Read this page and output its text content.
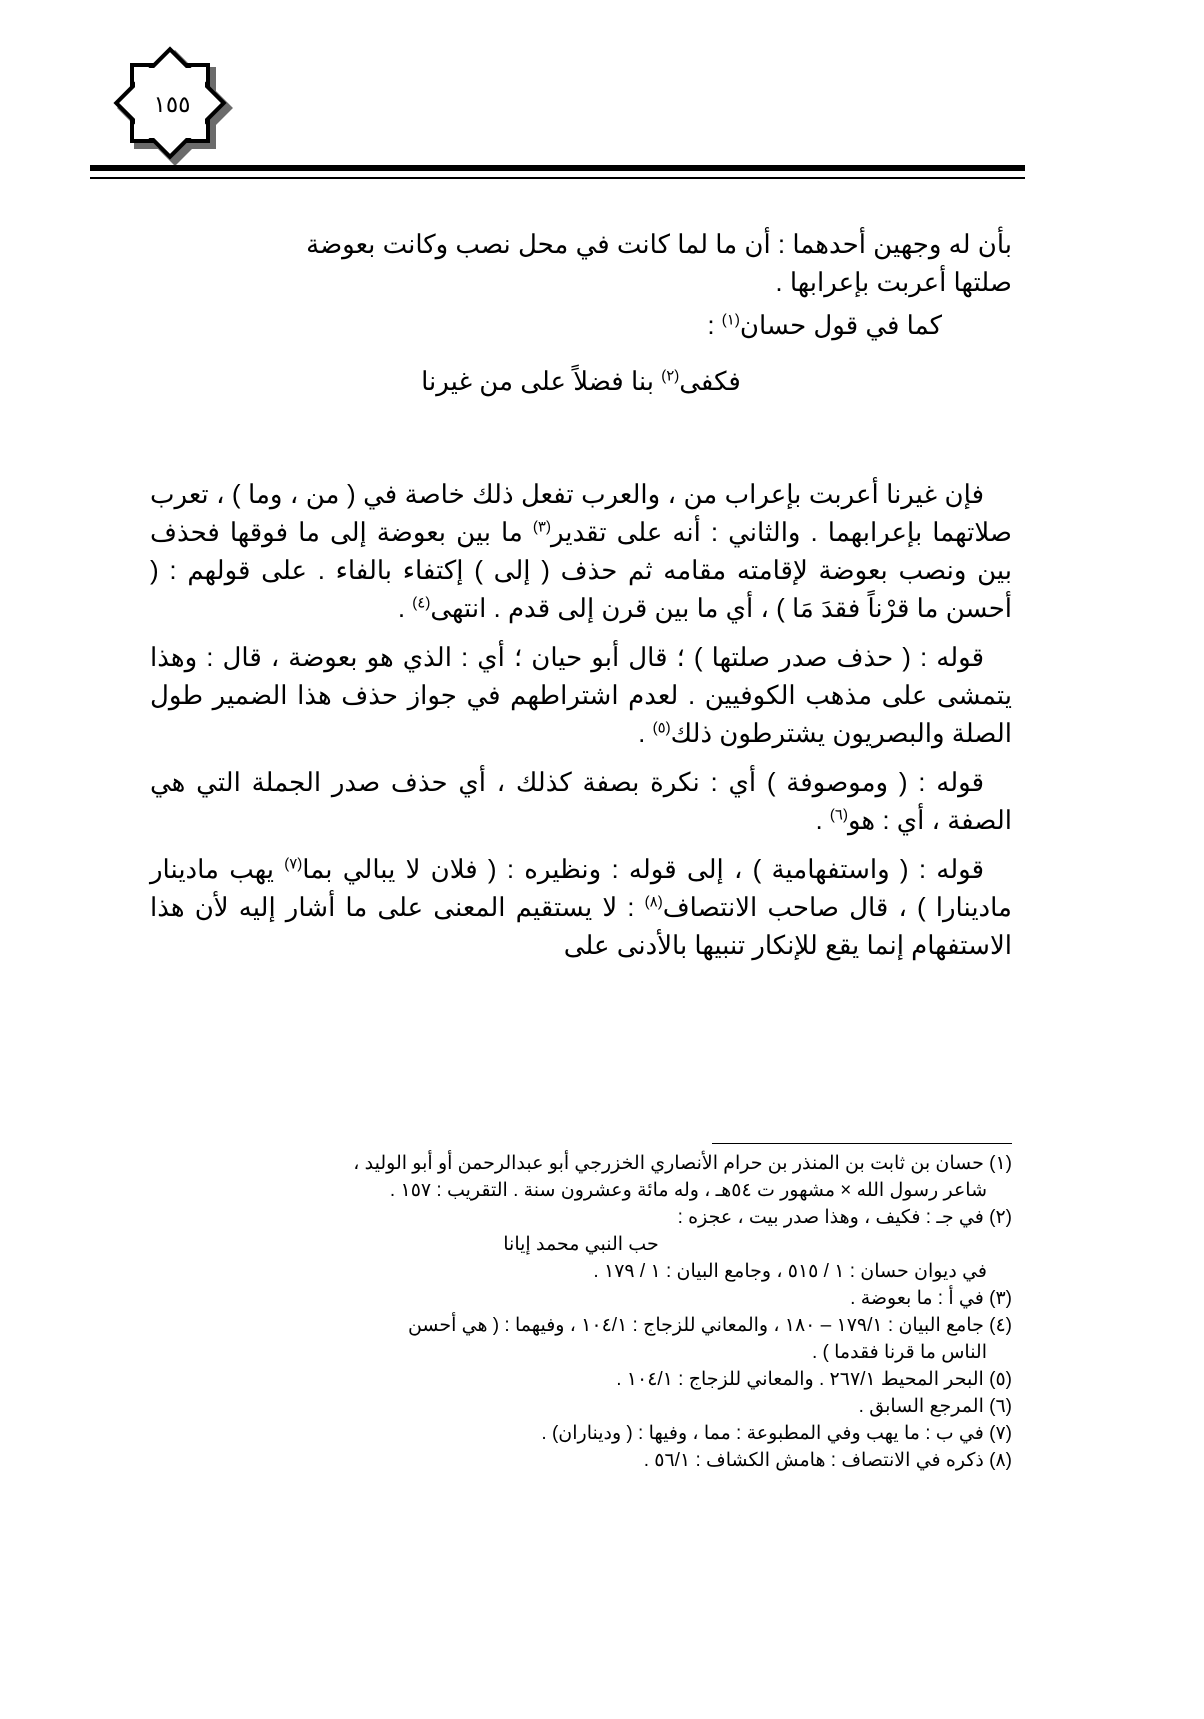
١٥٥

بأن له وجهين أحدهما : أن ما لما كانت في محل نصب وكانت بعوضة
صلتها أعربت بإعرابها .

كما في قول حسان$^{(١)}$ :
فكفى$^{(٢)}$ بنا فضلاً على من غيرنا

فإن غيرنا أعربت بإعراب من ، والعرب تفعل ذلك خاصة في ( من ، وما ) ، تعرب صلاتهما بإعرابهما . والثاني : أنه على تقدير$^{(٣)}$ ما بين بعوضة إلى ما فوقها فحذف بين ونصب بعوضة لإقامته مقامه ثم حذف ( إلى ) إكتفاء بالفاء . على قولهم : ( أحسن ما قرْناً فقدَ مَا ) ، أي ما بين قرن إلى قدم . انتهى$^{(٤)}$ .

قوله : ( حذف صدر صلتها ) ؛ قال أبو حيان ؛ أي : الذي هو بعوضة ، قال : وهذا يتمشى على مذهب الكوفيين . لعدم اشتراطهم في جواز حذف هذا الضمير طول الصلة والبصريون يشترطون ذلك$^{(٥)}$ .

قوله : ( وموصوفة ) أي : نكرة بصفة كذلك ، أي حذف صدر الجملة التي هي الصفة ، أي : هو$^{(٦)}$ .

قوله : ( واستفهامية ) ، إلى قوله : ونظيره : ( فلان لا يبالي بما$^{(٧)}$ يهب مادينار مادينارا ) ، قال صاحب الانتصاف$^{(٨)}$ : لا يستقيم المعنى على ما أشار إليه لأن هذا الاستفهام إنما يقع للإنكار تنبيها بالأدنى على

(١) حسان بن ثابت بن المنذر بن حرام الأنصاري الخزرجي أبو عبدالرحمن أو أبو الوليد ،

شاعر رسول الله × مشهور ت ٥٤هـ ، وله مائة وعشرون سنة . التقريب : ١٥٧ .

(٢) في جـ : فكيف ، وهذا صدر بيت ، عجزه :

حب النبي محمد إيانا

في ديوان حسان : ١ / ٥١٥ ، وجامع البيان : ١ / ١٧٩ .

(٣) في أ : ما بعوضة .

(٤) جامع البيان : ١٧٩/١ – ١٨٠ ، والمعاني للزجاج : ١٠٤/١ ، وفيهما : ( هي أحسن

الناس ما قرنا فقدما ) .

(٥) البحر المحيط ٢٦٧/١ . والمعاني للزجاج : ١٠٤/١ .

(٦) المرجع السابق .

(٧) في ب : ما يهب وفي المطبوعة : مما ، وفيها : ( وديناران) .

(٨) ذكره في الانتصاف : هامش الكشاف : ٥٦/١ .
